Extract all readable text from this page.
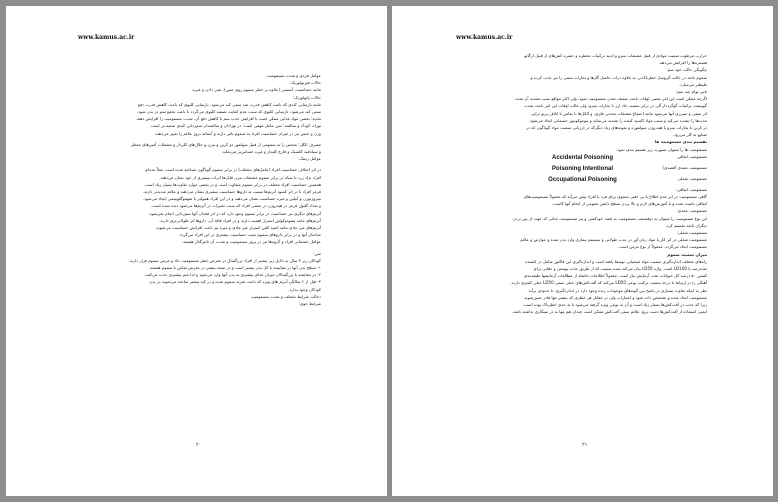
www.kamus.ac.ir
عوامل فردی و شدت مسمومیت
حالات فیزیولوژیک:
مانند حساسیت، آبستنی (علاوه بر خطر سموم روی جنین)، شیر دادن و غیره.
حالات پاتولوژیک:
مانند نارسایی کبدی که باعث کاهش قدرت ضد سمی کبد می‌شود. نارسایی کلیوی که باعث کاهش قدرت دفع
سمی کبد می‌شود. نارسایی کلیوی که سبب عدم کفایت تصفیه کلیوی می‌گردد تا باعث تجمع سم در بدن شود.
تغذیه: بعضی مواد غذایی ممکن است با افزایش جذب سم یا کاهش دفع آن، شدت مسمومیت را افزایش دهند.
نوزاد، کودک و سالمند: سن عامل مهمی است؛ در نوزادان و سالمندان سم‌زدایی کبدی ضعیف‌تر است.
وزن و جنس نیز در میزان حساسیت افراد به سموم تاثیر دارند و آستانه بروز علائم را تغییر می‌دهند.
مصرف الکل: شخص را به سمومی از قبیل سولفور دو کربن و بنزن و حلال‌های کلردار و مشتقات آمین‌های معطر
و سیانامید کلسیک و فارچ کلیدار و غیره حساس‌تر می‌نماید.
عوامل ژنتیک:
در اثر اختلاف حساسیت افراد (عامل‌های مختلف) در برابر سموم گوناگون شناخته شده است. مثلاً عده‌ای
افراد نژاد زرد یا سیاه در برابر سموم مشتقات بنزن قابل‌ها اثرات بیشتری از خود نشان می‌دهند.
همچنین حساسیت افراد مختلف در برابر سموم متفاوت است و در بعضی موارد تفاوت‌ها بسیار زیاد است.
فرمز افراد با در اثر کمبود آنزیم‌ها نسبت به داروها حساسیت بیشتری نشان می‌دهند و علائم شدیدتر دارند.
نیتروژنوژن و آنیلین و غیره حساسیت نشان می‌دهند و در این افراد همولیز یا متهموگلوبینمی ایجاد می‌شود.
و تعداد گلبول قرمز در هیدروژن در بعضی افراد که سبب تغییرات در آنزیم‌ها می‌شود دیده شده است.
آنزیم‌های دیگری نیر حساسیت در برابر سموم وجود دارد که در اثر فقدان آنها سم‌زدایی انجام نمی‌شود.
آنزیم‌های مانند پسودوکولین استراز اهمیت دارند و در افراد فاقد آن، داروها اثر طولانی‌تری دارند.
آنزیم‌های غیر عادی مانند اسید کلین استراز غیر عادی و غیره نیز باعث افزایش حساسیت می‌شوند.
صاحبان آنها و در برابر داروهای سموم سبب حساسیت بیشتری در این افراد می‌گردد.
عوامل جسمانی افراد و گروه‌ها نیز در بروز مسمومیت و شدت آن تاثیرگذار هستند.
سن:
کودکان زیر ۳ سال به دلایل زیر بیشتر از افراد بزرگسال در معرض خطر مسمومیت حاد و مزمن سموم قرار دارند:
۱- سطح بدن آنها در مقایسه با کل بدن بیشتر است و در نتیجه بیشتر در معرض تماس با سموم هستند.
۲- در مقایسه با بزرگسالان میزان غذای بیشتری به بدن آنها وارد می‌شود و لذا سم بیشتری جذب می‌کنند.
۳- قبل از ۶ سالگی آنزیم های ویژه که باعث تجزیه سموم شده و در کبد بیشتر ساخته می‌شوند در بدن
کودکان وجود ندارد.
دخالت شرایط مختلف و شدت مسمومیت
شرایط جوی:
۲۰
www.kamus.ac.ir
حرارت مرطوب سمیت موادی از قبیل مشتقات نیترو و ادیبه ترکیبات معطره و حشره کش‌های از قبیل ارگانو
فسفره‌ها را افزایش می‌دهد.
چگونگی حالت خود سم:
سموم جامد در حالت آئروسل خطرناک‌تر، به علاوه ذرات حاصل گازها و بخارات سمی را نیز جذب کرده و
غلیظتر می‌سازد.
تاثیر توام چند سم:
اگرچه ممکن است این امر بعضی اوقات باعث ضعیف شدن مسمومیت شود، ولی اکثر مواقع سبب تشدید آن شده
گوییست ترکیبات گوگرددار آلی در برابر سمیت حاد ارز با بخارات نیترو، ولی غالب اوقات این امر باعث شدت
اثر سمی و سیرژی آنها می‌شود مانند اجتماع مشتقات معدنی فلزی، و الکل‌ها با تماس با اتلاف پرتو تراپی
مدت‌ها را تشدید می‌کند و سبب مواد اکسید کننده را تشدید می‌نماید و پنوموکونیوز جسمانی ایجاد می‌شود.
در کربن با بخارات نیترو یا هیدروژن سولفوره و نمونه‌های زیاد دیگرکه در ارزیابی سمیت مواد گوناگون که در
صنایع به کار می‌رود.
تقسیم بندی مسمومیت ها
مسمومیت ها را میتوان بصورت زیر تقسیم بندی نمود:
مسمومیت اتفاقی
Accidental Poisoning
مسمومیت عمدی (قصدی)
Poisoning Intentional
مسمومیت شغلی
Occupational Poisoning
مسمومیت اتفاقی:
گاهی مسمومیت در اثر عدم اطلاع یا بی دقتی متجوی برای فرد یا افراد پیش می‌آید که معمولاً مسمومیت‌های
اتفاقی نامیده شده و با آموزش‌های لازم و بالا بردن سطح دانش عمومی از انجام آنها کاست.
مسمومیت عمدی:
این نوع مسمومیت را میتوان به دوقسمت مسمومیت به قصد خودکشی و نیز مسمومیت جنائی که جهت از بین بردن
دیگران باشد تقسیم کرد.
مسمومیت شغلی:
مسمومیت شغلی در اثر کار یا مواد زبان آور در مدت طولانی و سیستم بیماری وارد بدن شده و عوارض و علائم
مسمومیت ایجاد می‌گردد. معمولاً از نوع مزمن است.
میزان سمیت سموم
راه‌های مختلف اندازه‌گیری سمیت مواد شیمیایی توسط یافته است و اندازه‌گیری این فاکتور شامل دز کشنده
صددرصد یا LD100 است. واژه LD50 بیان می‌کند شده سمیت که از طریق جذب پوستی و دهانی برای
کشتن ۵۰ درصد کل حیوانات تحت آزمایش نیاز است. معمولاً اطلاعات حاصله از مطالعات آزمایشها طبقه‌بندی
آهنگی را در ارتباط با درجه سمیت ترکیب نوعی LD50 می‌کند که آفت‌کش‌های خیلی سمی LD50 خیلی کمتری دارند.
نظر به اینکه تفاوت بسیاری در پاسخ بین گونه‌های موجودات زنده وجود دارد در اندازه‌گیری، تا حدودی برآید
مسمومیت ایجاد شده و تشخیص داده شود و اعتبارات ولی در مقابل هر خطری که بیشتر تنها قادر تعیین‌شوند.
زیرا که جذب در آفت‌کش‌ها بسیار زیاد است و آن به نوعی ویژه گرفته می‌شود یا به جدی خطرناک بوده است.
ایمنی استفاده از آفت‌کش‌ها دست برود علائم سمی آفت‌کش ممکن است چندان هم تنها به در سیگاری نداشته باشد.
۲۱
